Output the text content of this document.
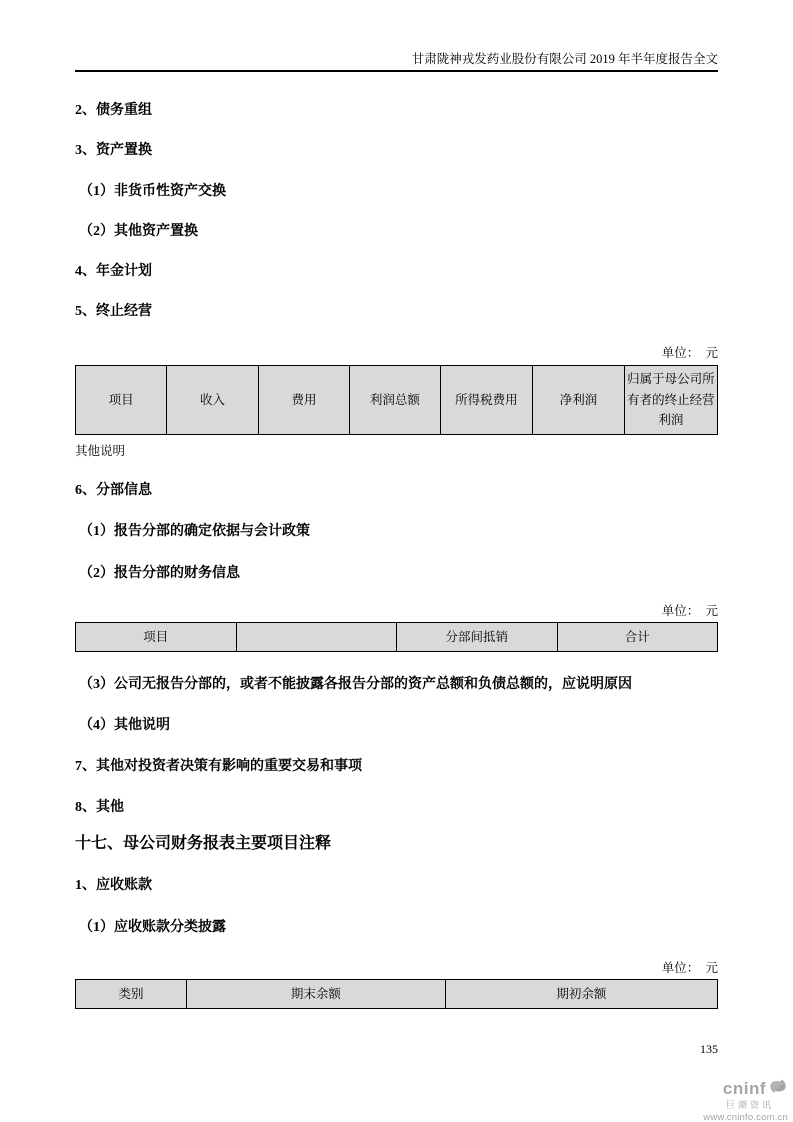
甘肃陇神戎发药业股份有限公司 2019 年半年度报告全文
2、债务重组
3、资产置换
（1）非货币性资产交换
（2）其他资产置换
4、年金计划
5、终止经营
单位：　元
项目	收入	费用	利润总额	所得税费用	净利润	归属于母公司所有者的终止经营利润
其他说明
6、分部信息
（1）报告分部的确定依据与会计政策
（2）报告分部的财务信息
单位：　元
项目		分部间抵销	合计
（3）公司无报告分部的，或者不能披露各报告分部的资产总额和负债总额的，应说明原因
（4）其他说明
7、其他对投资者决策有影响的重要交易和事项
8、其他
十七、母公司财务报表主要项目注释
1、应收账款
（1）应收账款分类披露
单位：　元
类别	期末余额	期初余额
135
cninf
巨潮资讯
www.cninfo.com.cn
